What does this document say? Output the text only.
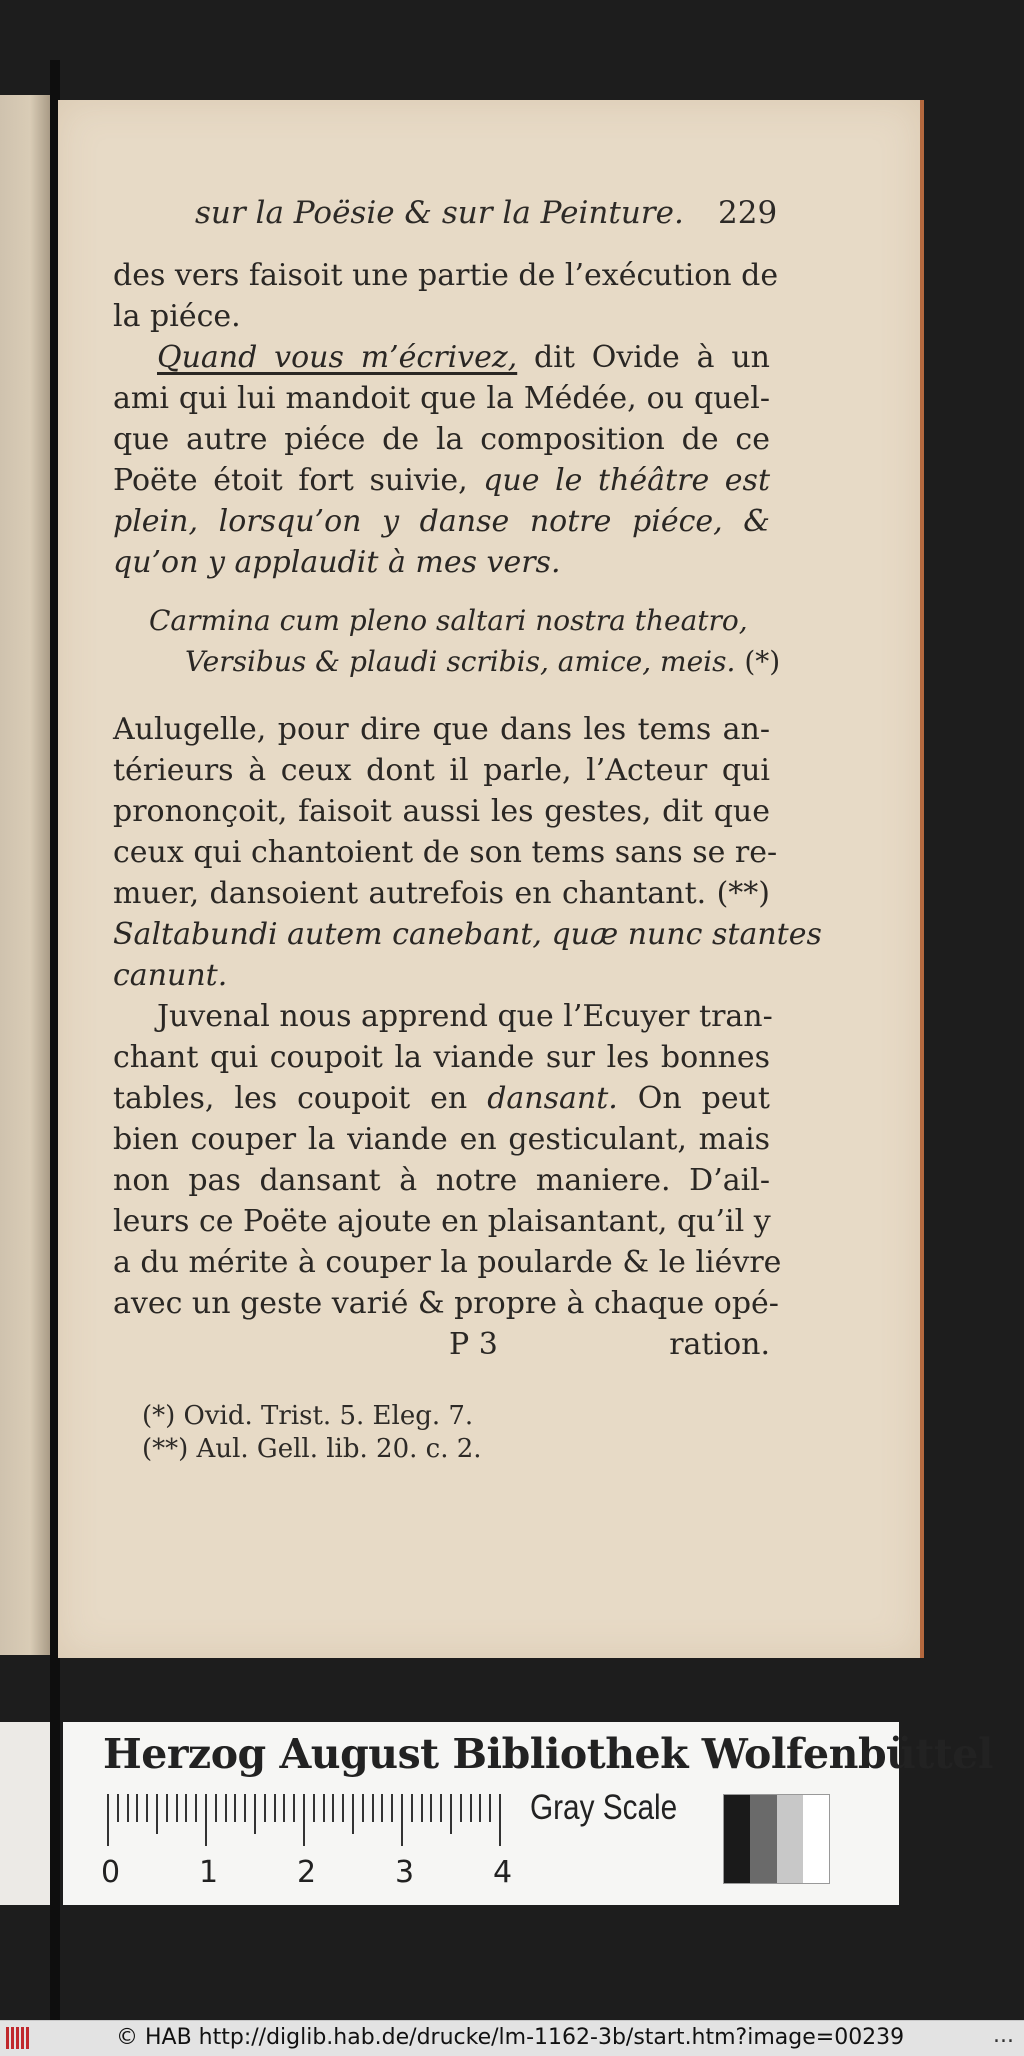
sur la Poësie & sur la Peinture. 229
des vers faisoit une partie de l’exécution de
la piéce.
Quand vous m’écrivez, dit Ovide à un
ami qui lui mandoit que la Médée, ou quel-
que autre piéce de la composition de ce
Poëte étoit fort suivie, que le théâtre est
plein, lorsqu’on y danse notre piéce, &
qu’on y applaudit à mes vers.
Carmina cum pleno saltari nostra theatro,
Versibus & plaudi scribis, amice, meis. (*)
Aulugelle, pour dire que dans les tems an-
térieurs à ceux dont il parle, l’Acteur qui
prononçoit, faisoit aussi les gestes, dit que
ceux qui chantoient de son tems sans se re-
muer, dansoient autrefois en chantant. (**)
Saltabundi autem canebant, quæ nunc stantes
canunt.
Juvenal nous apprend que l’Ecuyer tran-
chant qui coupoit la viande sur les bonnes
tables, les coupoit en dansant. On peut
bien couper la viande en gesticulant, mais
non pas dansant à notre maniere. D’ail-
leurs ce Poëte ajoute en plaisantant, qu’il y
a du mérite à couper la poularde & le liévre
avec un geste varié & propre à chaque opé-
P 3	ration.
(*) Ovid. Trist. 5. Eleg. 7.
(**) Aul. Gell. lib. 20. c. 2.
Herzog August Bibliothek Wolfenbüttel
0	1	2	3	4
Gray Scale
© HAB http://diglib.hab.de/drucke/lm-1162-3b/start.htm?image=00239	...
